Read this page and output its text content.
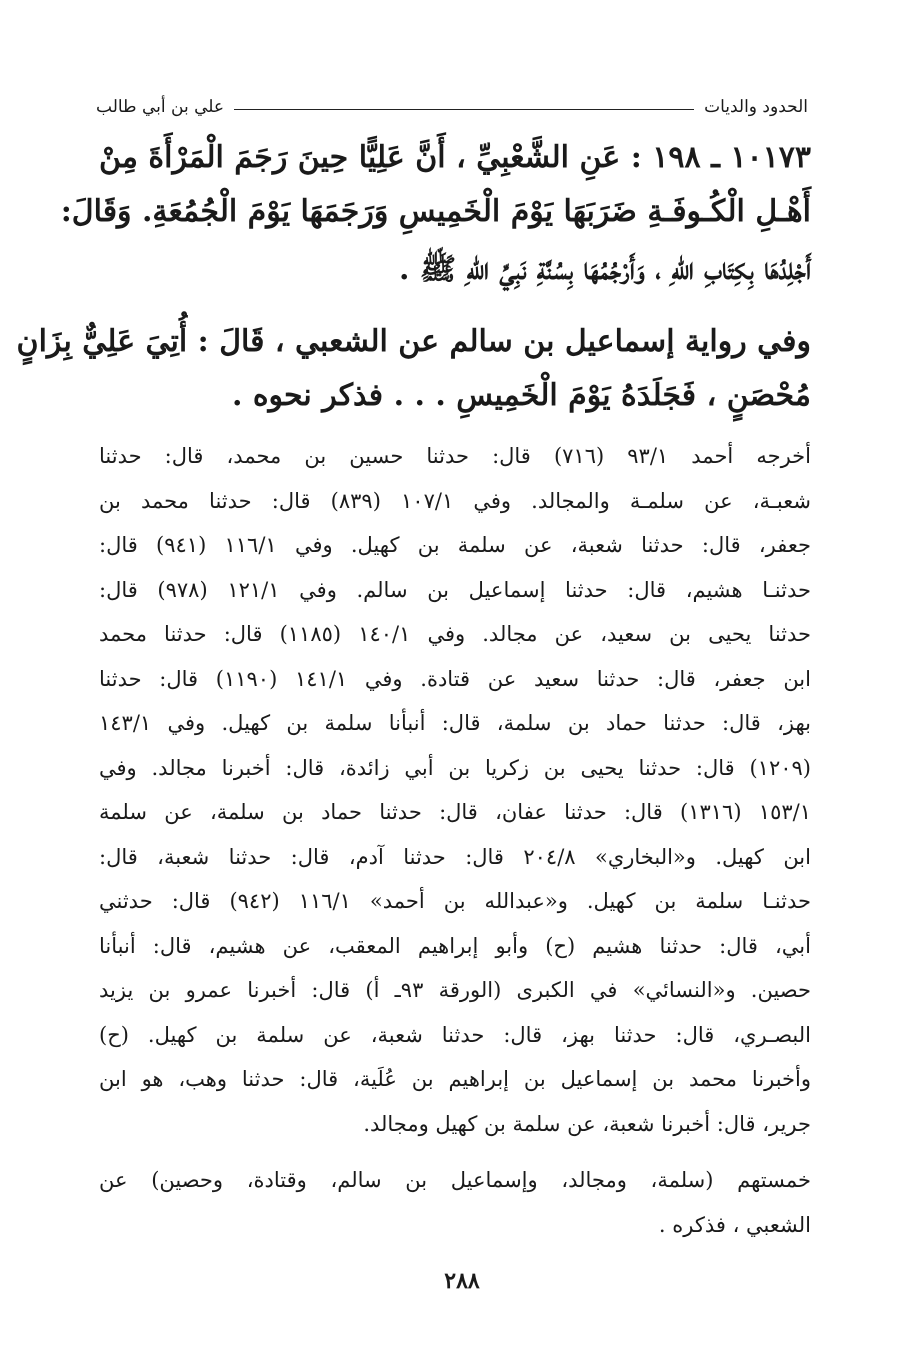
الحدود والديات
علي بن أبي طالب
١٠١٧٣ ـ ١٩٨ : عَنِ الشَّعْبِيِّ ، أَنَّ عَلِيًّا حِينَ رَجَمَ الْمَرْأَةَ مِنْ
أَهْـلِ الْكُـوفَـةِ ضَرَبَهَا يَوْمَ الْخَمِيسِ وَرَجَمَهَا يَوْمَ الْجُمُعَةِ. وَقَالَ:
أَجْلِدُهَا بِكِتَابِ اللهِ ، وَأَرْجُمُهَا بِسُنَّةِ نَبِيِّ اللهِ ﷺ .
وفي رواية إسماعيل بن سالم عن الشعبي ، قَالَ : أُتِيَ عَلِيٌّ بِزَانٍ
مُحْصَنٍ ، فَجَلَدَهُ يَوْمَ الْخَمِيسِ . . . فذكر نحوه .
أخرجه أحمد ٩٣/١ (٧١٦) قال: حدثنا حسين بن محمد، قال: حدثنا
شعبـة، عن سلمـة والمجالد. وفي ١٠٧/١ (٨٣٩) قال: حدثنا محمد بن
جعفر، قال: حدثنا شعبة، عن سلمة بن كهيل. وفي ١١٦/١ (٩٤١) قال:
حدثنـا هشيم، قال: حدثنا إسماعيل بن سالم. وفي ١٢١/١ (٩٧٨) قال:
حدثنا يحيى بن سعيد، عن مجالد. وفي ١٤٠/١ (١١٨٥) قال: حدثنا محمد
ابن جعفر، قال: حدثنا سعيد عن قتادة. وفي ١٤١/١ (١١٩٠) قال: حدثنا
بهز، قال: حدثنا حماد بن سلمة، قال: أنبأنا سلمة بن كهيل. وفي ١٤٣/١
(١٢٠٩) قال: حدثنا يحيى بن زكريا بن أبي زائدة، قال: أخبرنا مجالد. وفي
١٥٣/١ (١٣١٦) قال: حدثنا عفان، قال: حدثنا حماد بن سلمة، عن سلمة
ابن كهيل. و«البخاري» ٢٠٤/٨ قال: حدثنا آدم، قال: حدثنا شعبة، قال:
حدثنـا سلمة بن كهيل. و«عبدالله بن أحمد» ١١٦/١ (٩٤٢) قال: حدثني
أبي، قال: حدثنا هشيم (ح) وأبو إبراهيم المعقب، عن هشيم، قال: أنبأنا
حصين. و«النسائي» في الكبرى (الورقة ٩٣ـ أ) قال: أخبرنا عمرو بن يزيد
البصـري، قال: حدثنا بهز، قال: حدثنا شعبة، عن سلمة بن كهيل. (ح)
وأخبرنا محمد بن إسماعيل بن إبراهيم بن عُلَية، قال: حدثنا وهب، هو ابن
جرير، قال: أخبرنا شعبة، عن سلمة بن كهيل ومجالد.
خمستهم (سلمة، ومجالد، وإسماعيل بن سالم، وقتادة، وحصين) عن
الشعبي ، فذكره .
٢٨٨
